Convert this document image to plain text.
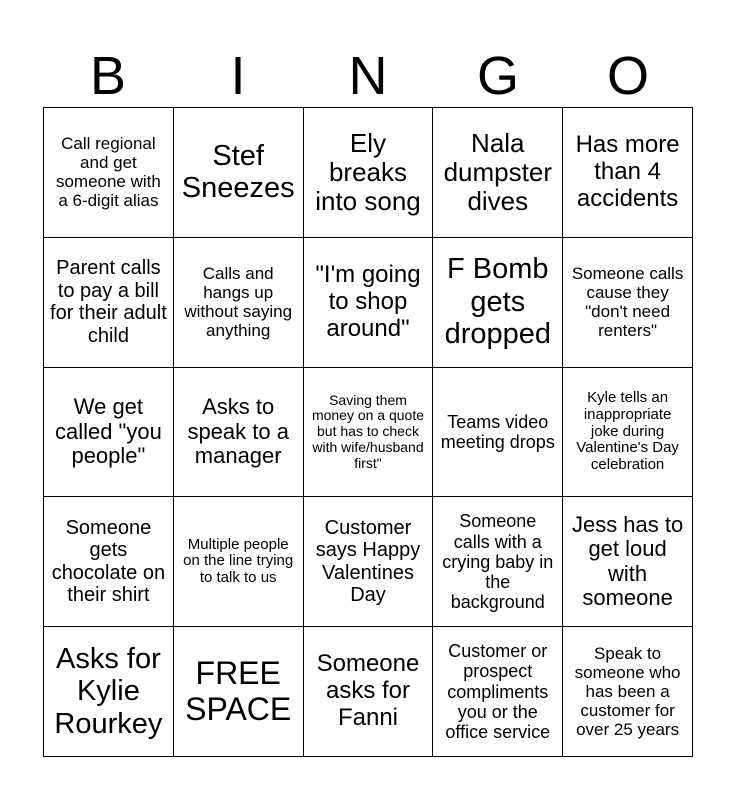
B	I	N	G	O
Call regional and get someone with a 6-digit alias
Stef Sneezes
Ely breaks into song
Nala dumpster dives
Has more than 4 accidents
Parent calls to pay a bill for their adult child
Calls and hangs up without saying anything
"I'm going to shop around"
F Bomb gets dropped
Someone calls cause they "don't need renters"
We get called "you people"
Asks to speak to a manager
Saving them money on a quote but has to check with wife/husband first"
Teams video meeting drops
Kyle tells an inappropriate joke during Valentine's Day celebration
Someone gets chocolate on their shirt
Multiple people on the line trying to talk to us
Customer says Happy Valentines Day
Someone calls with a crying baby in the background
Jess has to get loud with someone
Asks for Kylie Rourkey
FREE SPACE
Someone asks for Fanni
Customer or prospect compliments you or the office service
Speak to someone who has been a customer for over 25 years
